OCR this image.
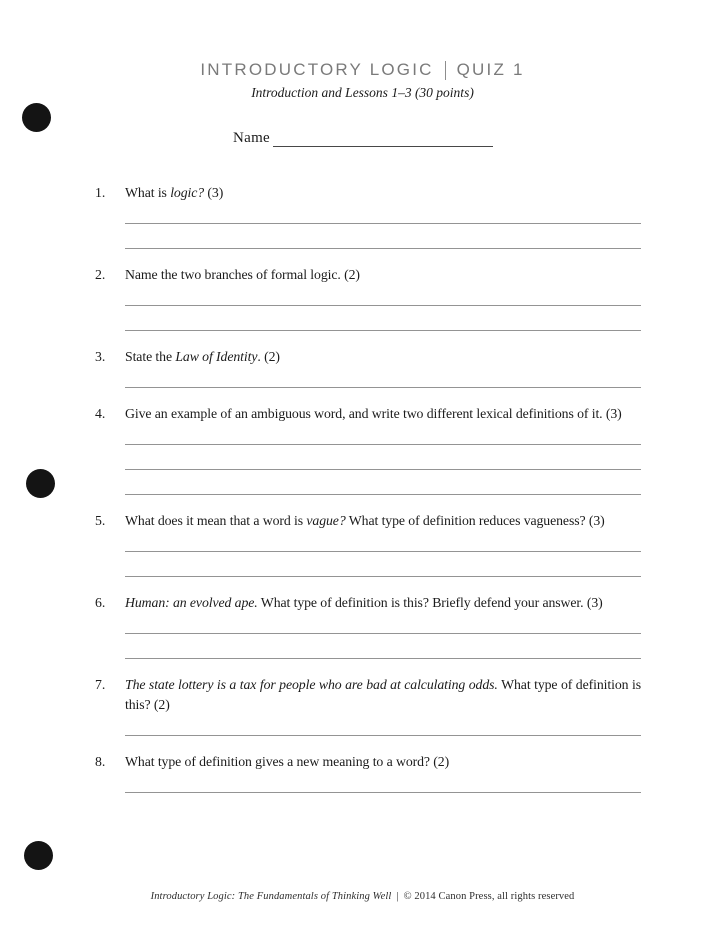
INTRODUCTORY LOGIC QUIZ 1
Introduction and Lessons 1–3 (30 points)
Name
1.	What is logic? (3)
2.	Name the two branches of formal logic. (2)
3.	State the Law of Identity. (2)
4.	Give an example of an ambiguous word, and write two different lexical definitions of it. (3)
5.	What does it mean that a word is vague? What type of definition reduces vagueness? (3)
6.	Human: an evolved ape. What type of definition is this? Briefly defend your answer. (3)
7.	The state lottery is a tax for people who are bad at calculating odds. What type of definition is this? (2)
8.	What type of definition gives a new meaning to a word? (2)
Introductory Logic: The Fundamentals of Thinking Well | © 2014 Canon Press, all rights reserved
